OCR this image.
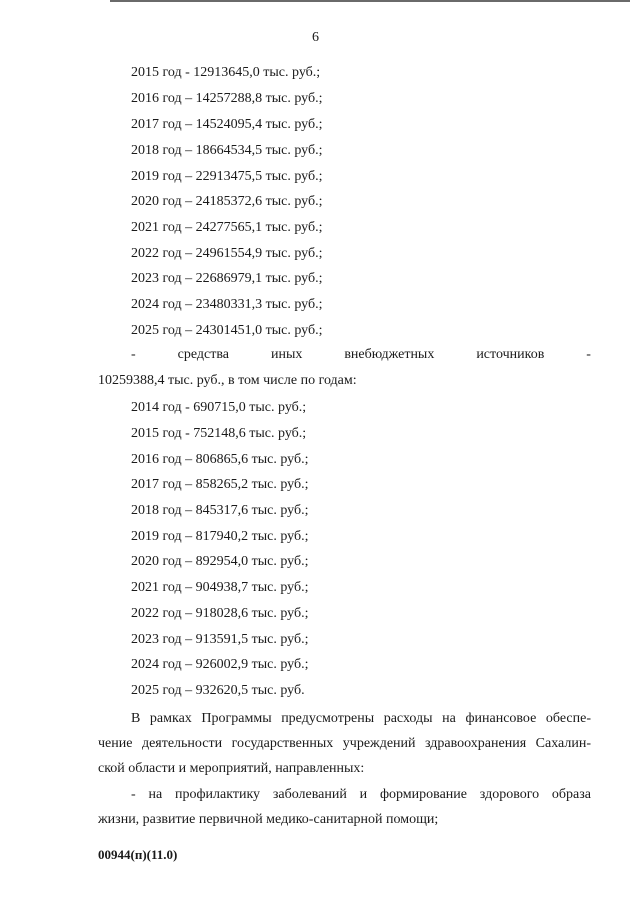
6
2015 год - 12913645,0 тыс. руб.;
2016 год – 14257288,8 тыс. руб.;
2017 год – 14524095,4 тыс. руб.;
2018 год – 18664534,5 тыс. руб.;
2019 год – 22913475,5 тыс. руб.;
2020 год – 24185372,6 тыс. руб.;
2021 год – 24277565,1 тыс. руб.;
2022 год – 24961554,9 тыс. руб.;
2023 год – 22686979,1 тыс. руб.;
2024 год – 23480331,3 тыс. руб.;
2025 год – 24301451,0 тыс. руб.;
-	средства	иных	внебюджетных	источников	-
10259388,4 тыс. руб., в том числе по годам:
2014 год - 690715,0 тыс. руб.;
2015 год - 752148,6 тыс. руб.;
2016 год – 806865,6 тыс. руб.;
2017 год – 858265,2 тыс. руб.;
2018 год – 845317,6 тыс. руб.;
2019 год – 817940,2 тыс. руб.;
2020 год – 892954,0 тыс. руб.;
2021 год – 904938,7 тыс. руб.;
2022 год – 918028,6 тыс. руб.;
2023 год – 913591,5 тыс. руб.;
2024 год – 926002,9 тыс. руб.;
2025 год – 932620,5 тыс. руб.
В рамках Программы предусмотрены расходы на финансовое обеспе-
чение деятельности государственных учреждений здравоохранения Сахалин-
ской области и мероприятий, направленных:
- на профилактику заболеваний и формирование здорового образа
жизни, развитие первичной медико-санитарной помощи;
00944(п)(11.0)
